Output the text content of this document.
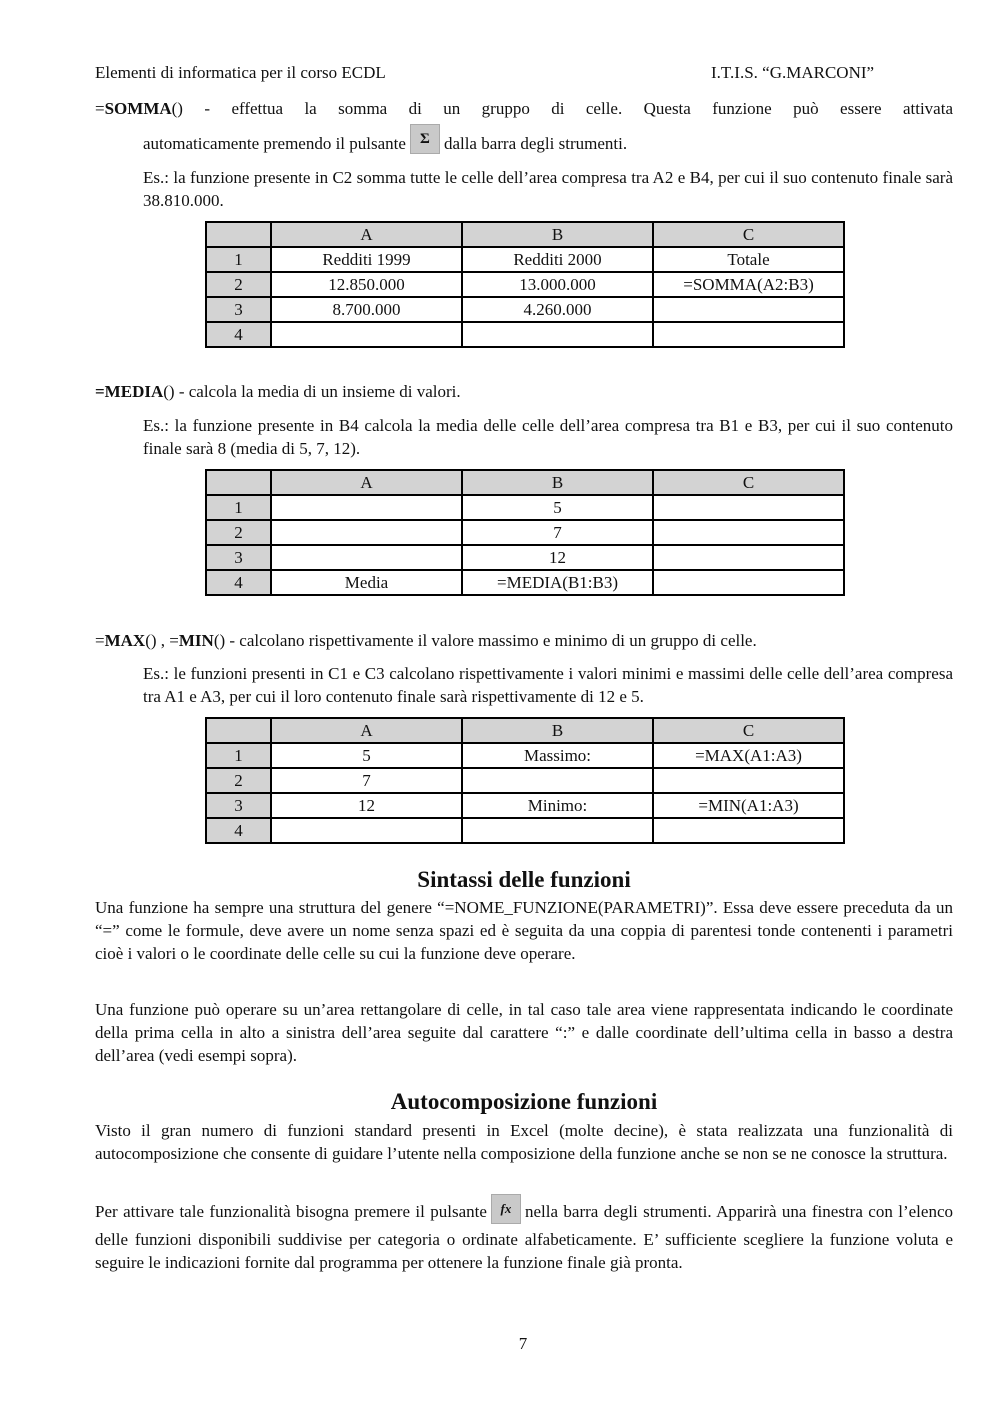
Elementi di informatica per il corso ECDL	I.T.I.S. “G.MARCONI”
=SOMMA() - effettua la somma di un gruppo di celle. Questa funzione può essere attivata
automaticamente premendo il pulsante Σ dalla barra degli strumenti.
Es.: la funzione presente in C2 somma tutte le celle dell’area compresa tra A2 e B4, per cui il suo contenuto finale sarà 38.810.000.
	A	B	C
1	Redditi 1999	Redditi 2000	Totale
2	12.850.000	13.000.000	=SOMMA(A2:B3)
3	8.700.000	4.260.000	
4			
=MEDIA() - calcola la media di un insieme di valori.
Es.: la funzione presente in B4 calcola la media delle celle dell’area compresa tra B1 e B3, per cui il suo contenuto finale sarà 8 (media di 5, 7, 12).
	A	B	C
1		5	
2		7	
3		12	
4	Media	=MEDIA(B1:B3)	
=MAX() , =MIN() - calcolano rispettivamente il valore massimo e minimo di un gruppo di celle.
Es.: le funzioni presenti in C1 e C3 calcolano rispettivamente i valori minimi e massimi delle celle dell’area compresa tra A1 e A3, per cui il loro contenuto finale sarà rispettivamente di 12 e 5.
	A	B	C
1	5	Massimo:	=MAX(A1:A3)
2	7		
3	12	Minimo:	=MIN(A1:A3)
4			
Sintassi delle funzioni
Una funzione ha sempre una struttura del genere “=NOME_FUNZIONE(PARAMETRI)”. Essa deve essere preceduta da un “=” come le formule, deve avere un nome senza spazi ed è seguita da una coppia di parentesi tonde contenenti i parametri cioè i valori o le coordinate delle celle su cui la funzione deve operare.
Una funzione può operare su un’area rettangolare di celle, in tal caso tale area viene rappresentata indicando le coordinate della prima cella in alto a sinistra dell’area seguite dal carattere “:” e dalle coordinate dell’ultima cella in basso a destra dell’area (vedi esempi sopra).
Autocomposizione funzioni
Visto il gran numero di funzioni standard presenti in Excel (molte decine), è stata realizzata una funzionalità di autocomposizione che consente di guidare l’utente nella composizione della funzione anche se non se ne conosce la struttura.
Per attivare tale funzionalità bisogna premere il pulsante fx nella barra degli strumenti. Apparirà una finestra con l’elenco delle funzioni disponibili suddivise per categoria o ordinate alfabeticamente. E’ sufficiente scegliere la funzione voluta e seguire le indicazioni fornite dal programma per ottenere la funzione finale già pronta.
7
